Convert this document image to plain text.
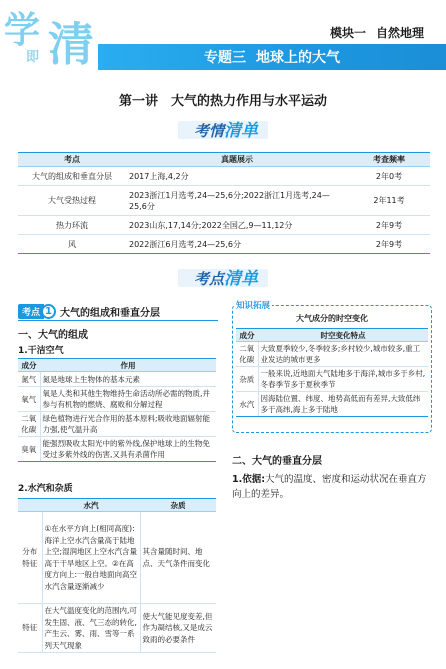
学
即 清	模块一 自然地理
专题三 地球上的大气
第一讲　大气的热力作用与水平运动
考情清单
考点	真题展示	考查频率
大气的组成和垂直分层	2017上海,4,2分	2年0考
大气受热过程	2023浙江1月选考,24—25,6分;2022浙江1月选考,24—25,6分	2年11考
热力环流	2023山东,17,14分;2022全国乙,9—11,12分	2年9考
风	2022浙江6月选考,24—25,6分	2年9考
考点清单
考点 1 大气的组成和垂直分层
一、大气的组成
1.干洁空气
成分	作用
氮气	氮是地球上生物体的基本元素
氧气	氧是人类和其他生物维持生命活动所必需的物质,并参与有机物的燃烧、腐败和分解过程
二氧化碳	绿色植物进行光合作用的基本原料;吸收地面辐射能力强,使气温升高
臭氧	能强烈吸收太阳光中的紫外线,保护地球上的生物免受过多紫外线的伤害,又具有杀菌作用
2.水汽和杂质
	水汽	杂质
分布特征	①在水平方向上(相同高度):海洋上空水汽含量高于陆地上空;湿润地区上空水汽含量高于干旱地区上空。②在高度方向上:一般自地面向高空水汽含量逐渐减少	其含量随时间、地点、天气条件而变化
特征	在大气温度变化的范围内,可发生固、液、气三态的转化,产生云、雾、雨、雪等一系列天气现象	使大气能见度变差,但作为凝结核,又是成云致雨的必要条件
知识拓展
大气成分的时空变化
成分	时空变化特点
二氧化碳	大致夏季较少,冬季较多;乡村较少,城市较多,重工业发达的城市更多
杂质	一般来说,近地面大气陆地多于海洋,城市多于乡村,冬春季节多于夏秋季节
水汽	因海陆位置、纬度、地势高低而有差异,大致低纬多于高纬,海上多于陆地
二、大气的垂直分层
1.依据:大气的温度、密度和运动状况在垂直方向上的差异。
